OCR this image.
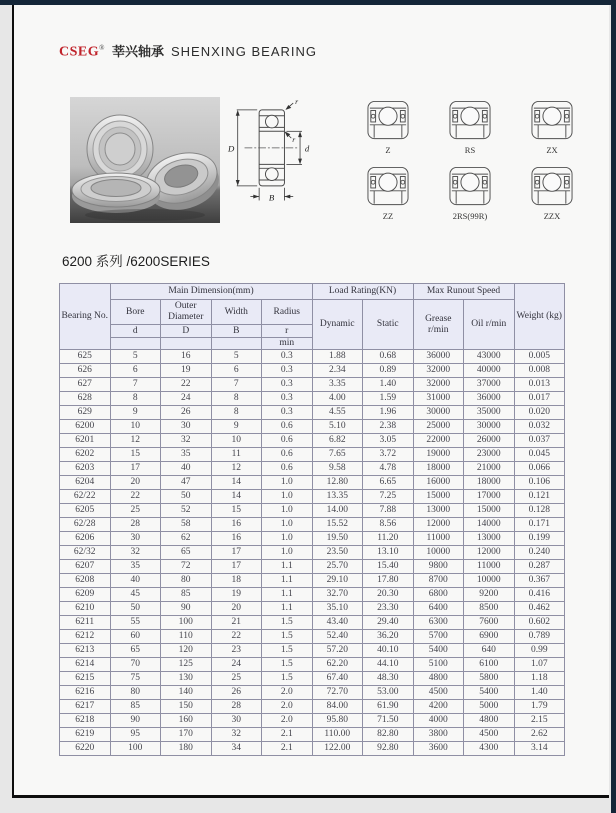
CSEG® 莘兴轴承 SHENXING BEARING
D	d
B
r
r
Z	RS	ZX
ZZ	2RS(99R)	ZZX
6200 系列 /6200SERIES
Bearing No.	Main Dimension(mm)				Load Rating(KN)		Max Runout Speed		Weight (kg)
	Bore	Outer Diameter	Width	Radius	Dynamic	Static	Grease r/min	Oil r/min	
	d	D	B	r					
				min					
625	5	16	5	0.3	1.88	0.68	36000	43000	0.005
626	6	19	6	0.3	2.34	0.89	32000	40000	0.008
627	7	22	7	0.3	3.35	1.40	32000	37000	0.013
628	8	24	8	0.3	4.00	1.59	31000	36000	0.017
629	9	26	8	0.3	4.55	1.96	30000	35000	0.020
6200	10	30	9	0.6	5.10	2.38	25000	30000	0.032
6201	12	32	10	0.6	6.82	3.05	22000	26000	0.037
6202	15	35	11	0.6	7.65	3.72	19000	23000	0.045
6203	17	40	12	0.6	9.58	4.78	18000	21000	0.066
6204	20	47	14	1.0	12.80	6.65	16000	18000	0.106
62/22	22	50	14	1.0	13.35	7.25	15000	17000	0.121
6205	25	52	15	1.0	14.00	7.88	13000	15000	0.128
62/28	28	58	16	1.0	15.52	8.56	12000	14000	0.171
6206	30	62	16	1.0	19.50	11.20	11000	13000	0.199
62/32	32	65	17	1.0	23.50	13.10	10000	12000	0.240
6207	35	72	17	1.1	25.70	15.40	9800	11000	0.287
6208	40	80	18	1.1	29.10	17.80	8700	10000	0.367
6209	45	85	19	1.1	32.70	20.30	6800	9200	0.416
6210	50	90	20	1.1	35.10	23.30	6400	8500	0.462
6211	55	100	21	1.5	43.40	29.40	6300	7600	0.602
6212	60	110	22	1.5	52.40	36.20	5700	6900	0.789
6213	65	120	23	1.5	57.20	40.10	5400	640	0.99
6214	70	125	24	1.5	62.20	44.10	5100	6100	1.07
6215	75	130	25	1.5	67.40	48.30	4800	5800	1.18
6216	80	140	26	2.0	72.70	53.00	4500	5400	1.40
6217	85	150	28	2.0	84.00	61.90	4200	5000	1.79
6218	90	160	30	2.0	95.80	71.50	4000	4800	2.15
6219	95	170	32	2.1	110.00	82.80	3800	4500	2.62
6220	100	180	34	2.1	122.00	92.80	3600	4300	3.14
